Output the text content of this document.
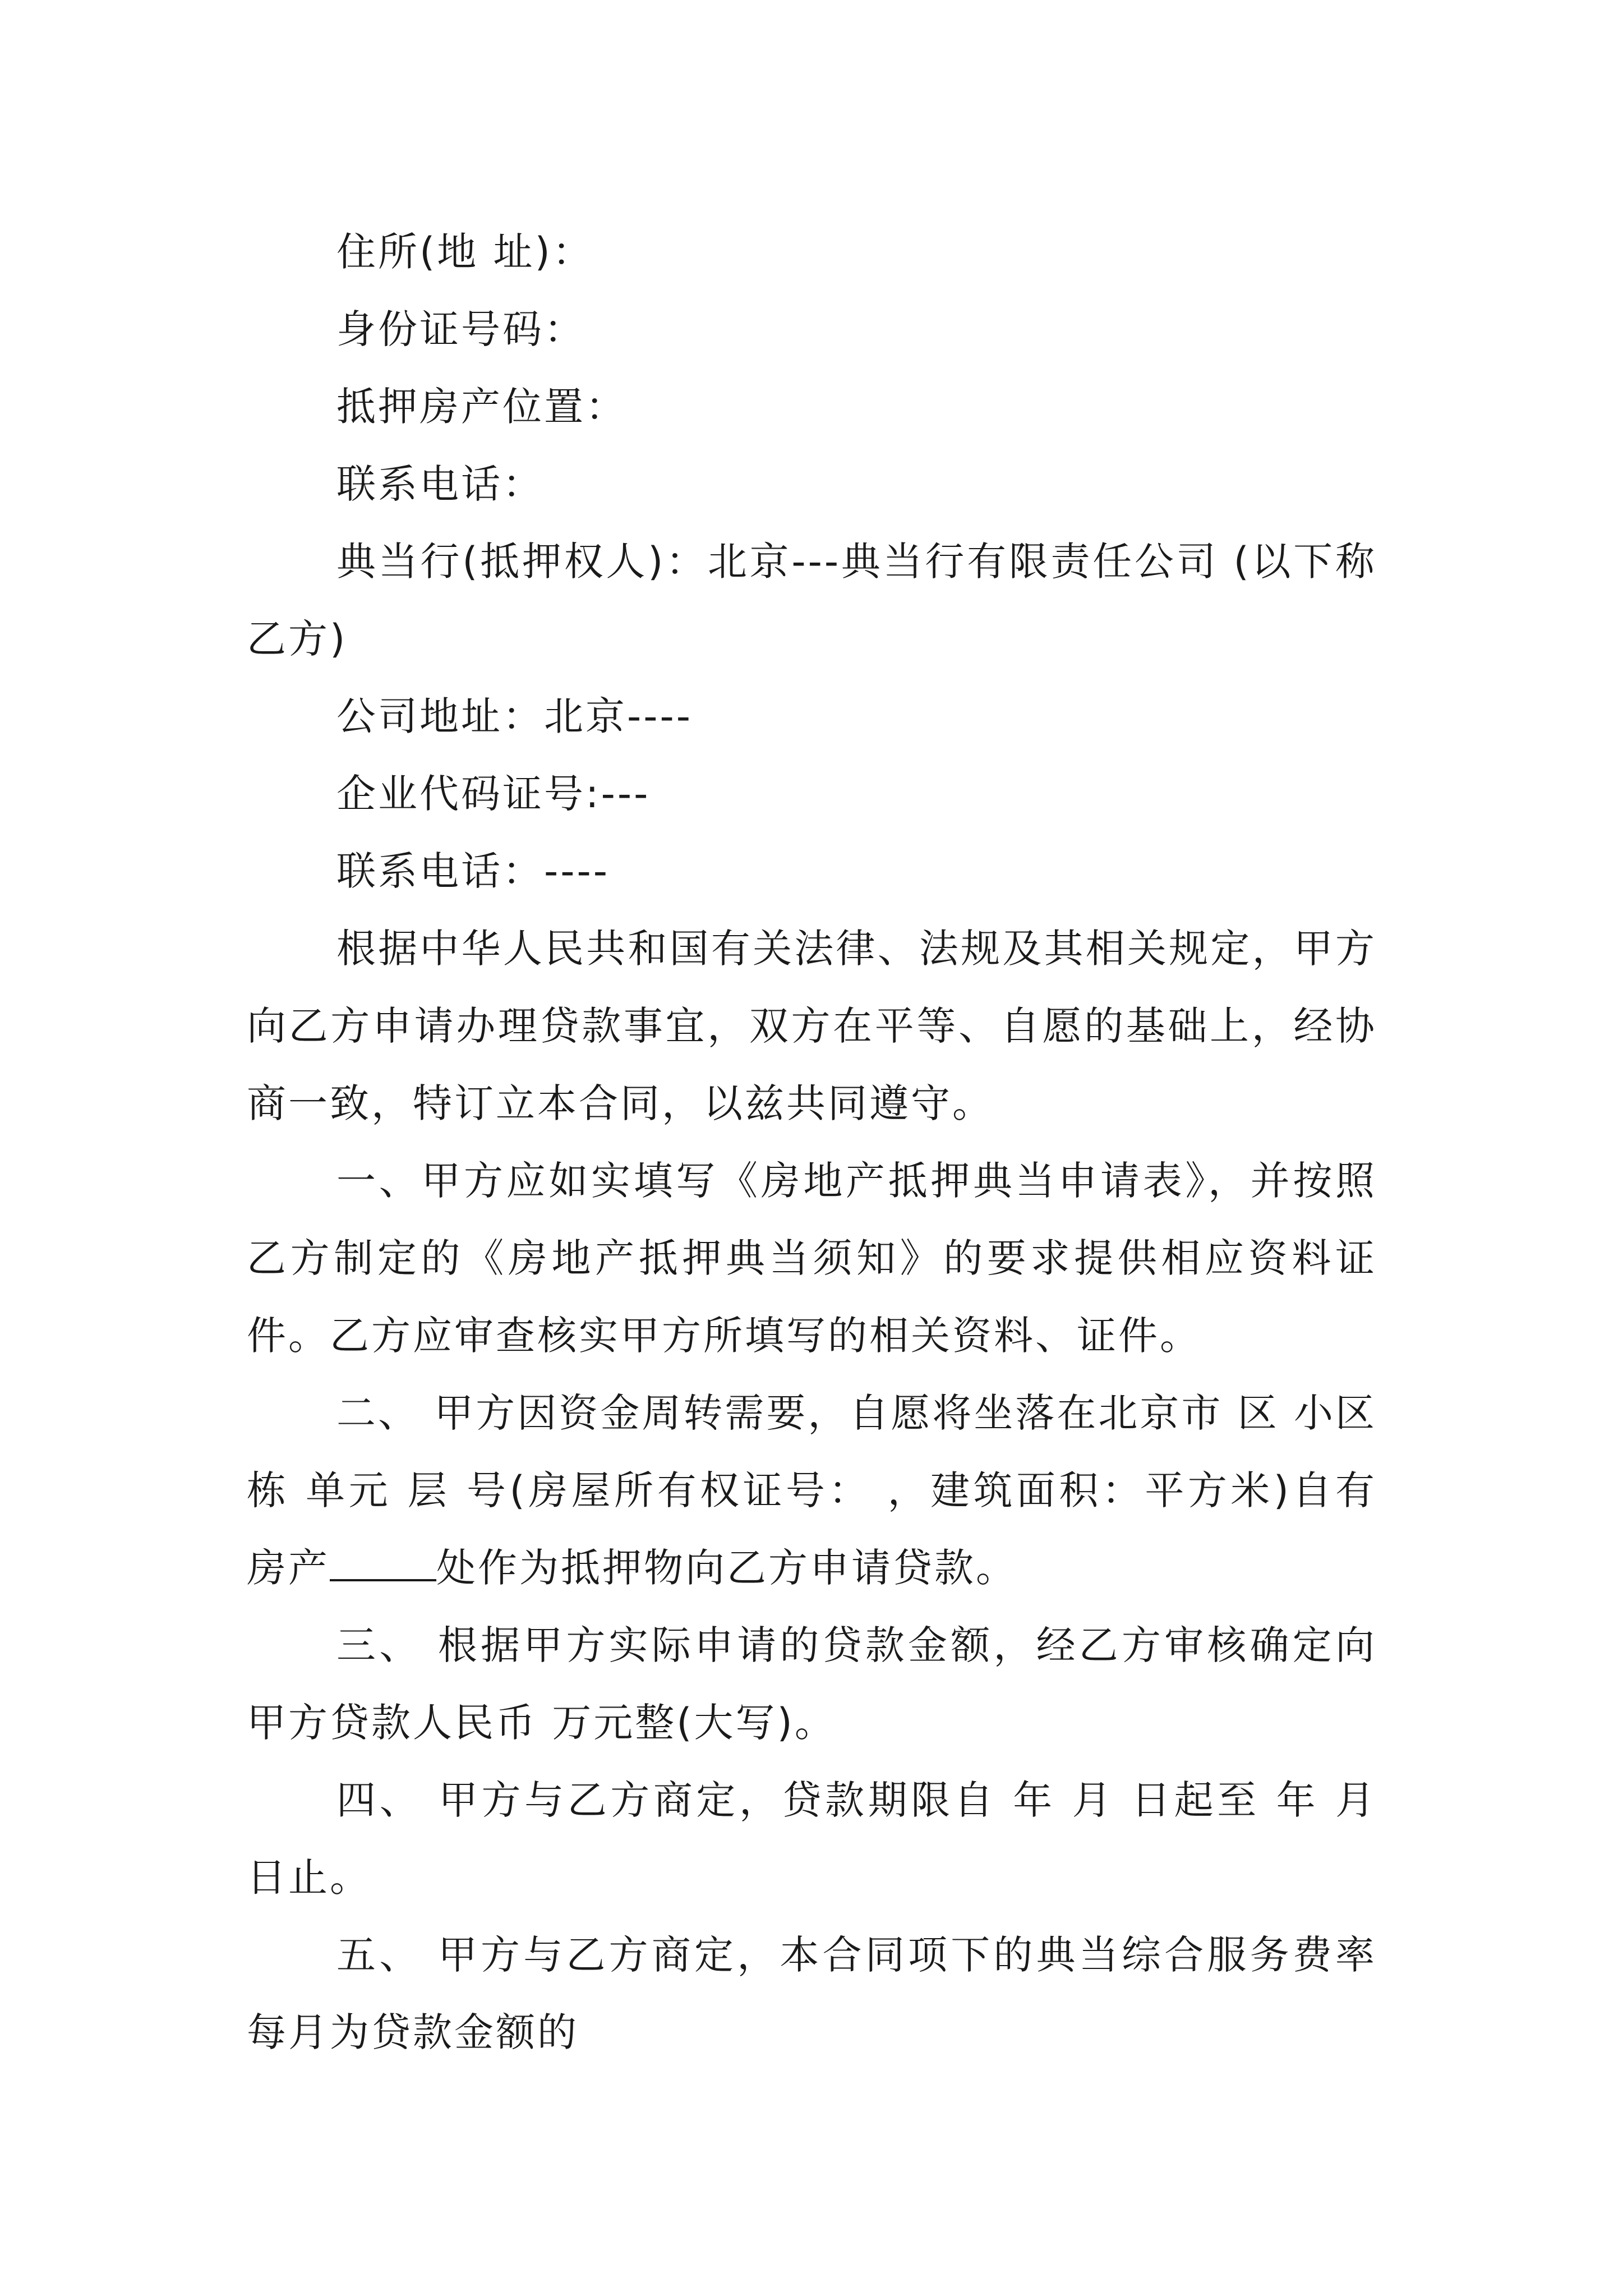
住所(地 址)：

身份证号码：

抵押房产位置：

联系电话：

典当行(抵押权人)：北京---典当行有限责任公司 (以下称乙方)

公司地址：北京----

企业代码证号:---

联系电话：----

根据中华人民共和国有关法律、法规及其相关规定，甲方向乙方申请办理贷款事宜，双方在平等、自愿的基础上，经协商一致，特订立本合同，以兹共同遵守。

一、甲方应如实填写《房地产抵押典当申请表》，并按照乙方制定的《房地产抵押典当须知》的要求提供相应资料证件。乙方应审查核实甲方所填写的相关资料、证件。

二、 甲方因资金周转需要，自愿将坐落在北京市 区 小区 栋 单元 层 号(房屋所有权证号： ，建筑面积：平方米)自有房产	处作为抵押物向乙方申请贷款。

三、 根据甲方实际申请的贷款金额，经乙方审核确定向甲方贷款人民币 万元整(大写)。

四、 甲方与乙方商定，贷款期限自 年 月 日起至 年 月 日止。

五、 甲方与乙方商定，本合同项下的典当综合服务费率每月为贷款金额的
